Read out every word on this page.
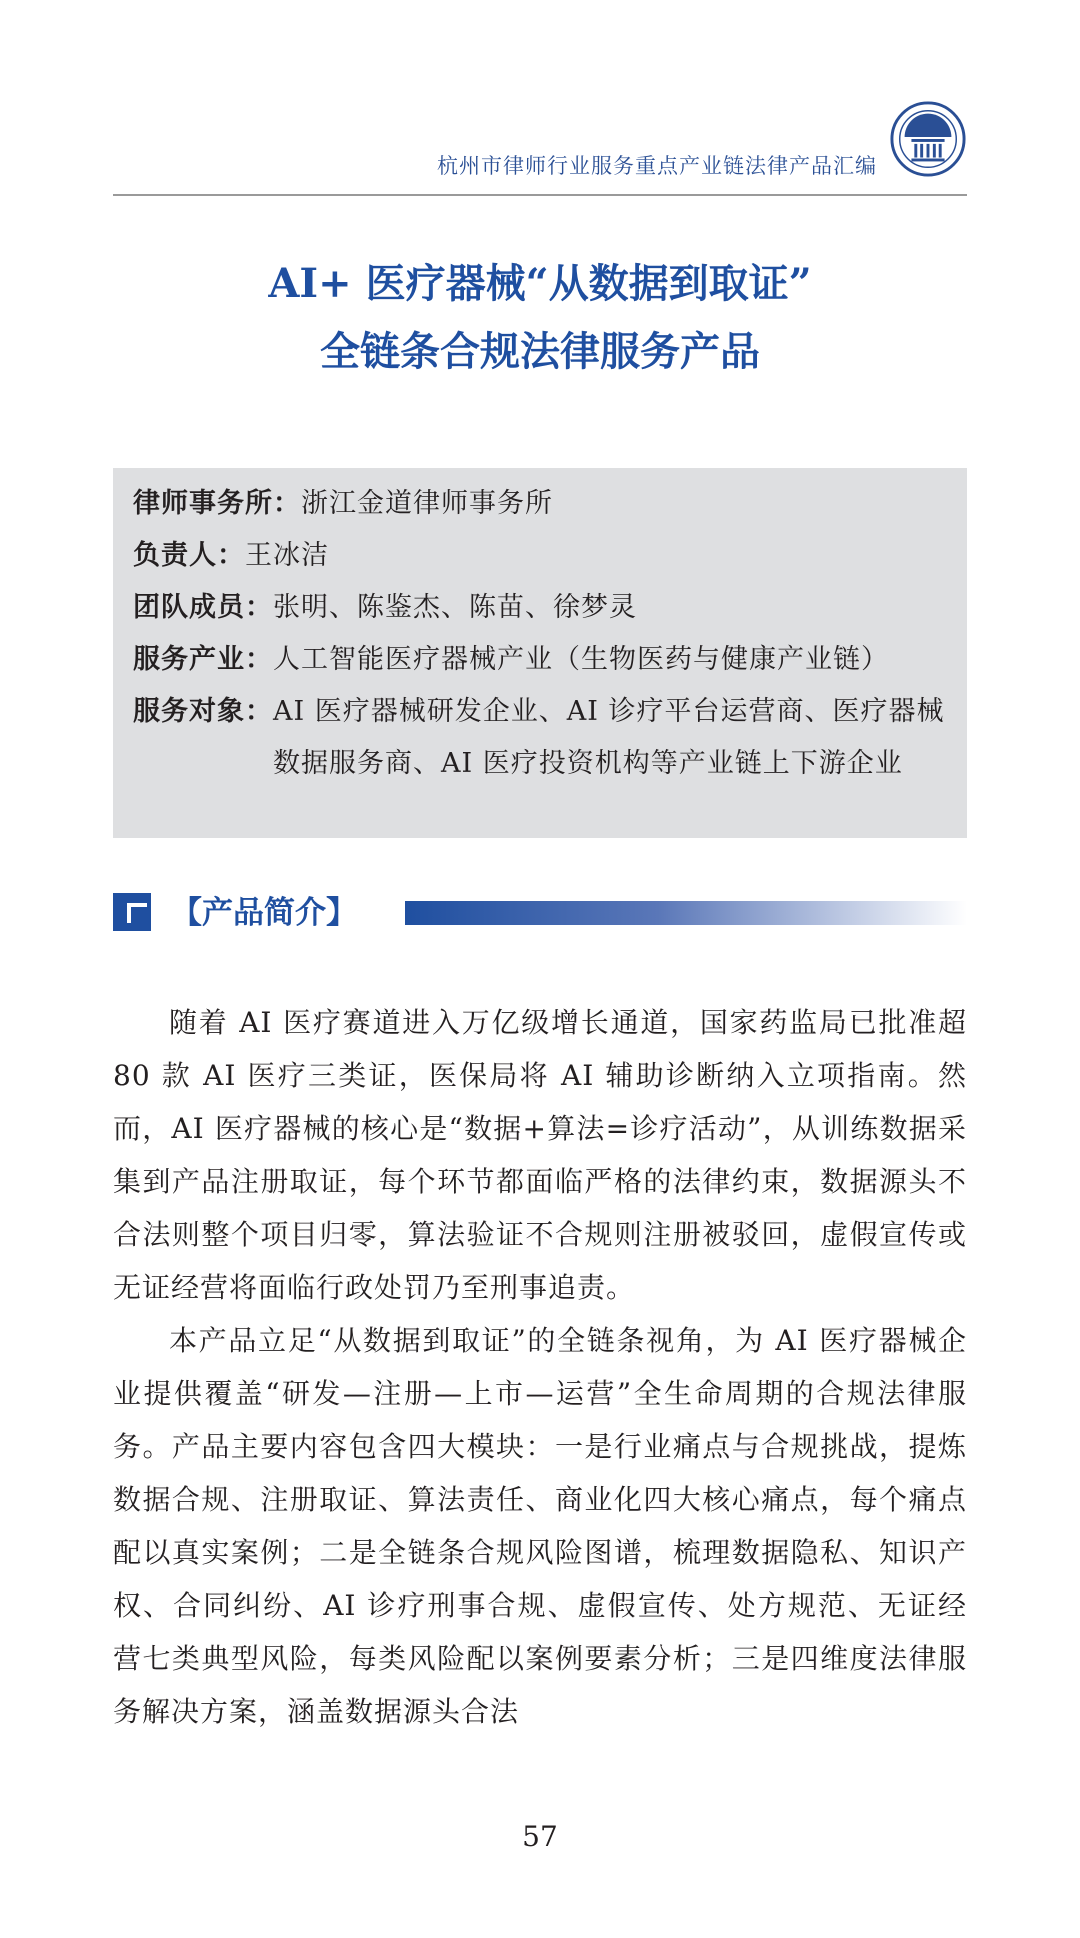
杭州市律师行业服务重点产业链法律产品汇编
AI+ 医疗器械“从数据到取证”
全链条合规法律服务产品
律师事务所： 浙江金道律师事务所
负责人： 王冰洁
团队成员： 张明、陈鉴杰、陈苗、徐梦灵
服务产业： 人工智能医疗器械产业（生物医药与健康产业链）
服务对象： AI 医疗器械研发企业、AI 诊疗平台运营商、医疗器械数据服务商、AI 医疗投资机构等产业链上下游企业
【产品简介】

随着 AI 医疗赛道进入万亿级增长通道，国家药监局已批准超 80 款 AI 医疗三类证，医保局将 AI 辅助诊断纳入立项指南。然而，AI 医疗器械的核心是“数据+算法=诊疗活动”，从训练数据采集到产品注册取证，每个环节都面临严格的法律约束，数据源头不合法则整个项目归零，算法验证不合规则注册被驳回，虚假宣传或无证经营将面临行政处罚乃至刑事追责。

本产品立足“从数据到取证”的全链条视角，为 AI 医疗器械企业提供覆盖“研发—注册—上市—运营”全生命周期的合规法律服务。产品主要内容包含四大模块：一是行业痛点与合规挑战，提炼数据合规、注册取证、算法责任、商业化四大核心痛点，每个痛点配以真实案例；二是全链条合规风险图谱，梳理数据隐私、知识产权、合同纠纷、AI 诊疗刑事合规、虚假宣传、处方规范、无证经营七类典型风险，每类风险配以案例要素分析；三是四维度法律服务解决方案，涵盖数据源头合法

57
